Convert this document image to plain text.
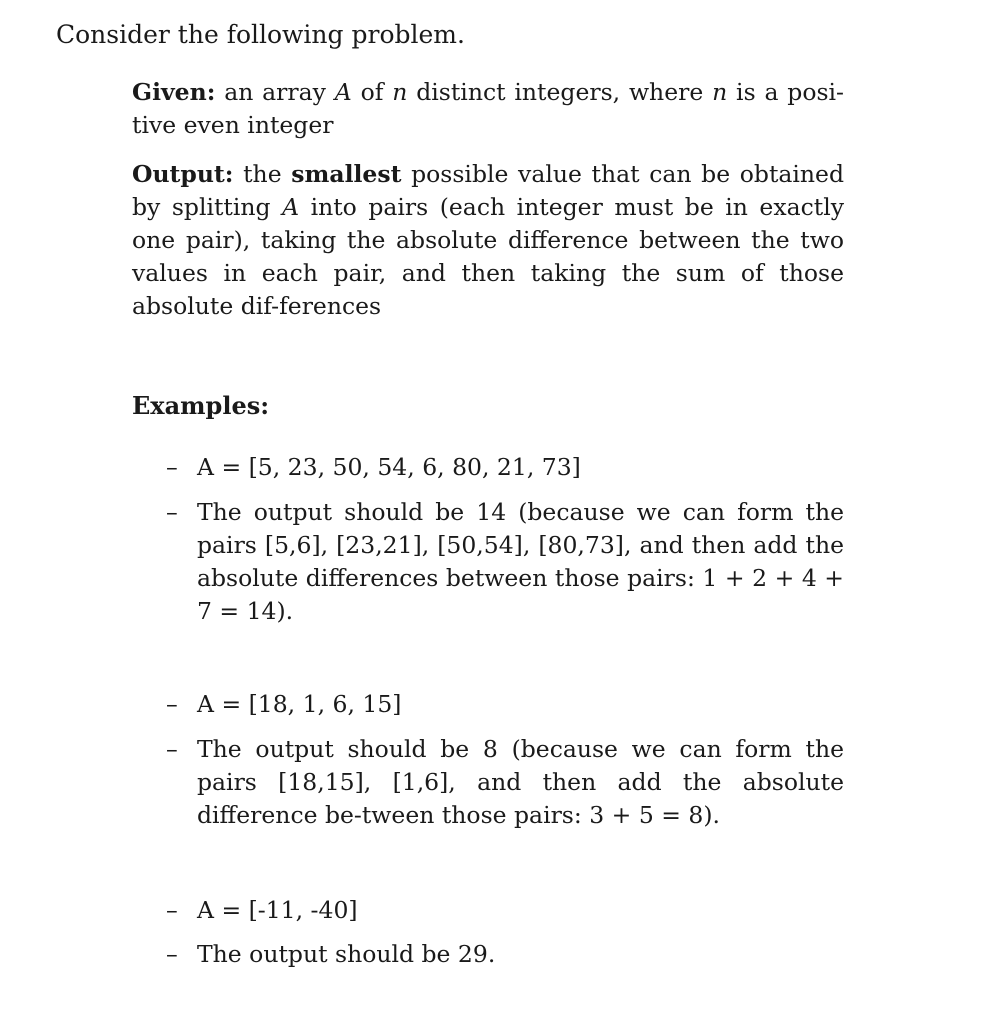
Consider the following problem.

Given: an array A of n distinct integers, where n is a posi-tive even integer

Output: the smallest possible value that can be obtained by splitting A into pairs (each integer must be in exactly one pair), taking the absolute difference between the two values in each pair, and then taking the sum of those absolute dif-ferences

Examples:

– A = [5, 23, 50, 54, 6, 80, 21, 73]
– The output should be 14 (because we can form the pairs [5,6], [23,21], [50,54], [80,73], and then add the absolute differences between those pairs: 1 + 2 + 4 + 7 = 14).
– A = [18, 1, 6, 15]
– The output should be 8 (because we can form the pairs [18,15], [1,6], and then add the absolute difference be-tween those pairs: 3 + 5 = 8).
– A = [-11, -40]
– The output should be 29.
